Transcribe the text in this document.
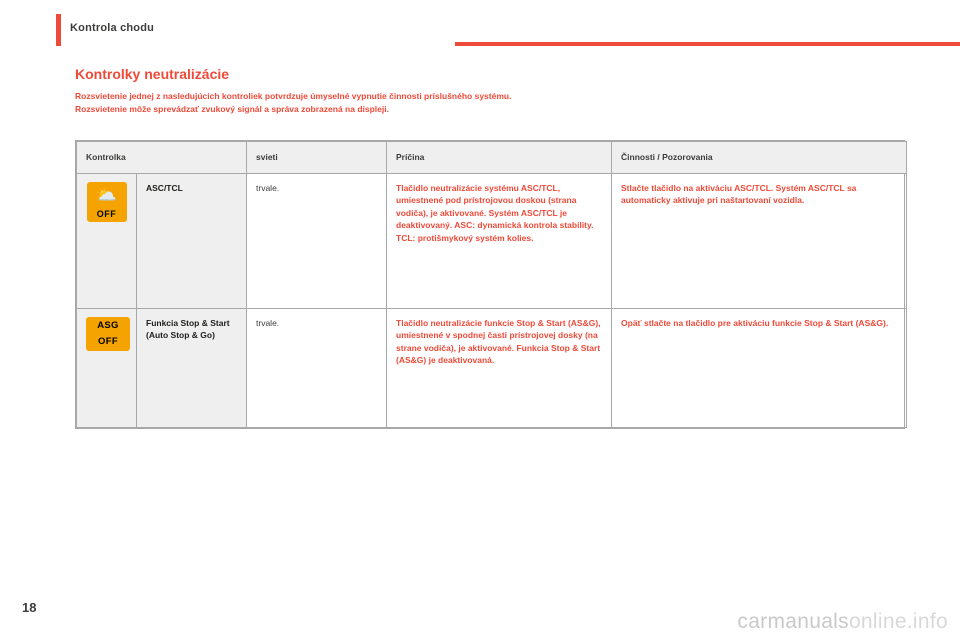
Kontrola chodu
Kontrolky neutralizácie

Rozsvietenie jednej z nasledujúcich kontroliek potvrdzuje úmyselné vypnutie činnosti príslušného systému.

Rozsvietenie môže sprevádzať zvukový signál a správa zobrazená na displeji.

Kontrolka		svieti	Príčina	Činnosti / Pozorovania

⛅
OFF	ASC/TCL	trvale.	Tlačidlo neutralizácie systému ASC/TCL, umiestnené pod prístrojovou doskou (strana vodiča), je aktivované. Systém ASC/TCL je deaktivovaný. ASC: dynamická kontrola stability. TCL: protišmykový systém kolies.	Stlačte tlačidlo na aktiváciu ASC/TCL. Systém ASC/TCL sa automaticky aktivuje pri naštartovaní vozidla.

ASG
OFF	Funkcia Stop & Start (Auto Stop & Go)	trvale.	Tlačidlo neutralizácie funkcie Stop & Start (AS&G), umiestnené v spodnej časti prístrojovej dosky (na strane vodiča), je aktivované. Funkcia Stop & Start (AS&G) je deaktivovaná.	Opäť stlačte na tlačidlo pre aktiváciu funkcie Stop & Start (AS&G).
18
carmanualsonline.info
